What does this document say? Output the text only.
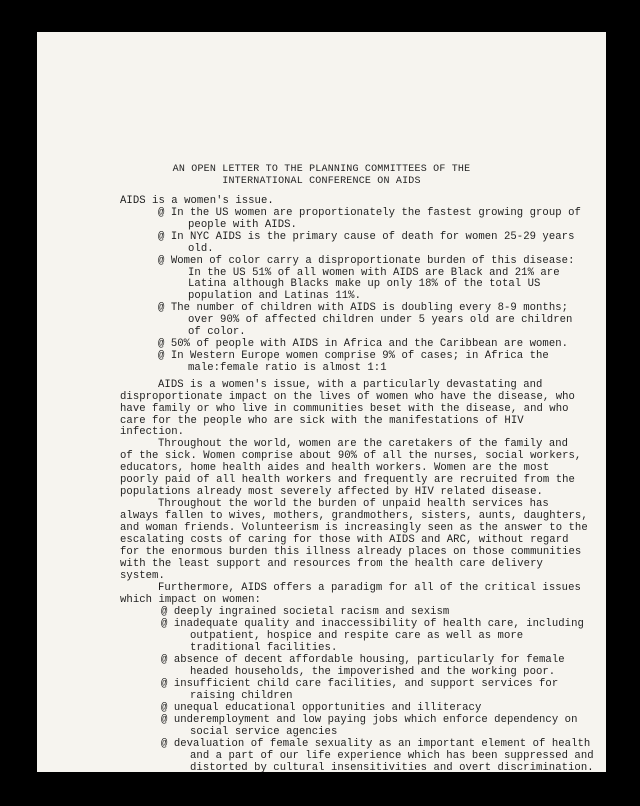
AN OPEN LETTER TO THE PLANNING COMMITTEES OF THE
INTERNATIONAL CONFERENCE ON AIDS
AIDS is a women's issue.
@ In the US women are proportionately the fastest growing group of
people with AIDS.
@ In NYC AIDS is the primary cause of death for women 25-29 years
old.
@ Women of color carry a disproportionate burden of this disease:
In the US 51% of all women with AIDS are Black and 21% are
Latina although Blacks make up only 18% of the total US
population and Latinas 11%.
@ The number of children with AIDS is doubling every 8-9 months;
over 90% of affected children under 5 years old are children
of color.
@ 50% of people with AIDS in Africa and the Caribbean are women.
@ In Western Europe women comprise 9% of cases; in Africa the
male:female ratio is almost 1:1
AIDS is a women's issue, with a particularly devastating and
disproportionate impact on the lives of women who have the disease, who
have family or who live in communities beset with the disease, and who
care for the people who are sick with the manifestations of HIV
infection.
Throughout the world, women are the caretakers of the family and
of the sick. Women comprise about 90% of all the nurses, social workers,
educators, home health aides and health workers. Women are the most
poorly paid of all health workers and frequently are recruited from the
populations already most severely affected by HIV related disease.
Throughout the world the burden of unpaid health services has
always fallen to wives, mothers, grandmothers, sisters, aunts, daughters,
and woman friends. Volunteerism is increasingly seen as the answer to the
escalating costs of caring for those with AIDS and ARC, without regard
for the enormous burden this illness already places on those communities
with the least support and resources from the health care delivery
system.
Furthermore, AIDS offers a paradigm for all of the critical issues
which impact on women:
@ deeply ingrained societal racism and sexism
@ inadequate quality and inaccessibility of health care, including
outpatient, hospice and respite care as well as more
traditional facilities.
@ absence of decent affordable housing, particularly for female
headed households, the impoverished and the working poor.
@ insufficient child care facilities, and support services for
raising children
@ unequal educational opportunities and illiteracy
@ underemployment and low paying jobs which enforce dependency on
social service agencies
@ devaluation of female sexuality as an important element of health
and a part of our life experience which has been suppressed and
distorted by cultural insensitivities and overt discrimination.
